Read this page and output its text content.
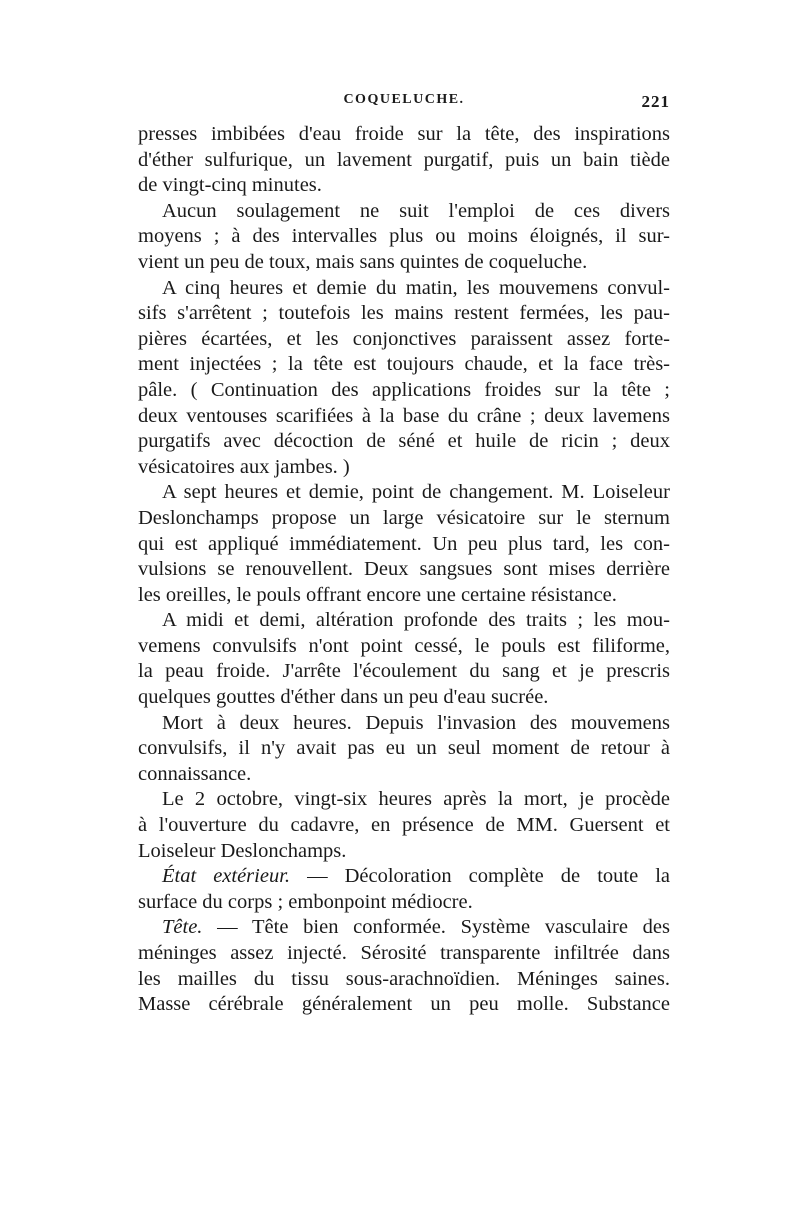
COQUELUCHE.	221
presses imbibées d'eau froide sur la tête, des inspirations
d'éther sulfurique, un lavement purgatif, puis un bain tiède
de vingt-cinq minutes.
Aucun soulagement ne suit l'emploi de ces divers
moyens ; à des intervalles plus ou moins éloignés, il sur-
vient un peu de toux, mais sans quintes de coqueluche.
A cinq heures et demie du matin, les mouvemens convul-
sifs s'arrêtent ; toutefois les mains restent fermées, les pau-
pières écartées, et les conjonctives paraissent assez forte-
ment injectées ; la tête est toujours chaude, et la face très-
pâle. ( Continuation des applications froides sur la tête ;
deux ventouses scarifiées à la base du crâne ; deux lavemens
purgatifs avec décoction de séné et huile de ricin ; deux
vésicatoires aux jambes. )
A sept heures et demie, point de changement. M. Loiseleur
Deslonchamps propose un large vésicatoire sur le sternum
qui est appliqué immédiatement. Un peu plus tard, les con-
vulsions se renouvellent. Deux sangsues sont mises derrière
les oreilles, le pouls offrant encore une certaine résistance.
A midi et demi, altération profonde des traits ; les mou-
vemens convulsifs n'ont point cessé, le pouls est filiforme,
la peau froide. J'arrête l'écoulement du sang et je prescris
quelques gouttes d'éther dans un peu d'eau sucrée.
Mort à deux heures. Depuis l'invasion des mouvemens
convulsifs, il n'y avait pas eu un seul moment de retour à
connaissance.
Le 2 octobre, vingt-six heures après la mort, je procède
à l'ouverture du cadavre, en présence de MM. Guersent et
Loiseleur Deslonchamps.
État extérieur. — Décoloration complète de toute la
surface du corps ; embonpoint médiocre.
Tête. — Tête bien conformée. Système vasculaire des
méninges assez injecté. Sérosité transparente infiltrée dans
les mailles du tissu sous-arachnoïdien. Méninges saines.
Masse cérébrale généralement un peu molle. Substance
